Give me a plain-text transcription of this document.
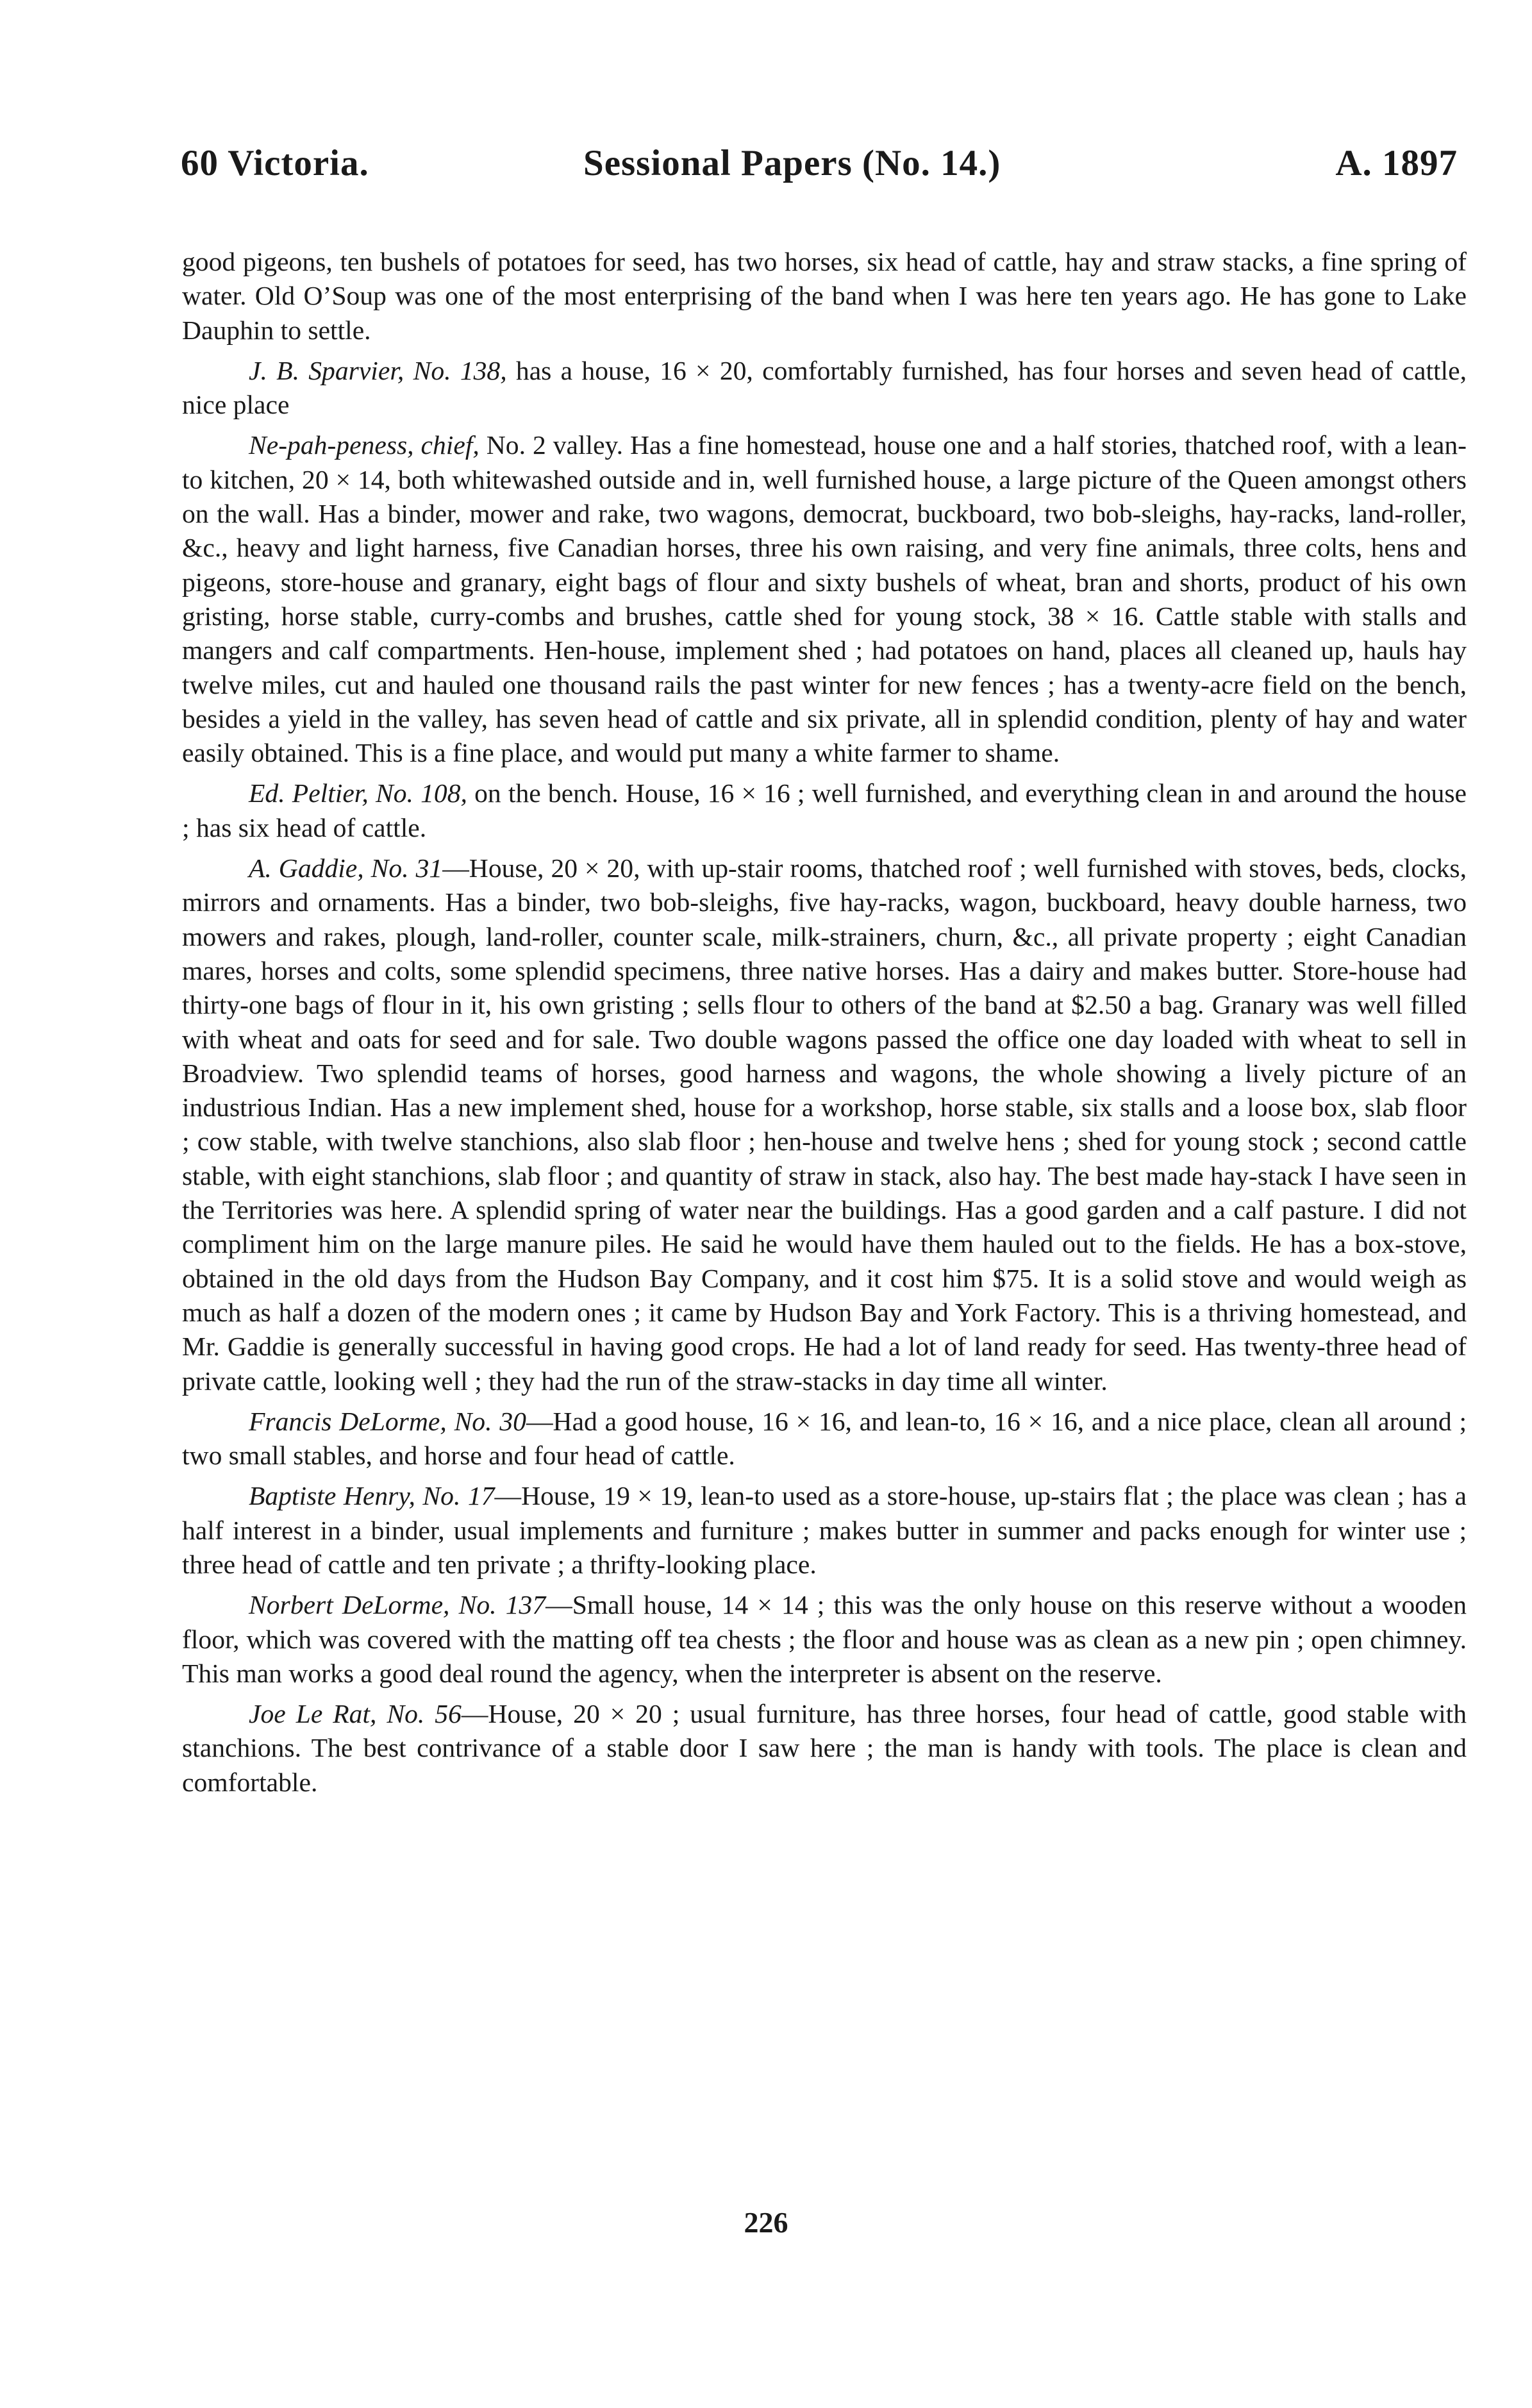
60 Victoria.	Sessional Papers (No. 14.)	A. 1897

good pigeons, ten bushels of potatoes for seed, has two horses, six head of cattle, hay and straw stacks, a fine spring of water. Old O’Soup was one of the most enterprising of the band when I was here ten years ago. He has gone to Lake Dauphin to settle.

J. B. Sparvier, No. 138, has a house, 16 × 20, comfortably furnished, has four horses and seven head of cattle, nice place

Ne-pah-peness, chief, No. 2 valley. Has a fine homestead, house one and a half stories, thatched roof, with a lean-to kitchen, 20 × 14, both whitewashed outside and in, well furnished house, a large picture of the Queen amongst others on the wall. Has a binder, mower and rake, two wagons, democrat, buckboard, two bob-sleighs, hay-racks, land-roller, &c., heavy and light harness, five Canadian horses, three his own raising, and very fine animals, three colts, hens and pigeons, store-house and granary, eight bags of flour and sixty bushels of wheat, bran and shorts, product of his own gristing, horse stable, curry-combs and brushes, cattle shed for young stock, 38 × 16. Cattle stable with stalls and mangers and calf compartments. Hen-house, implement shed ; had potatoes on hand, places all cleaned up, hauls hay twelve miles, cut and hauled one thousand rails the past winter for new fences ; has a twenty-acre field on the bench, besides a yield in the valley, has seven head of cattle and six private, all in splendid condition, plenty of hay and water easily obtained. This is a fine place, and would put many a white farmer to shame.

Ed. Peltier, No. 108, on the bench. House, 16 × 16 ; well furnished, and everything clean in and around the house ; has six head of cattle.

A. Gaddie, No. 31—House, 20 × 20, with up-stair rooms, thatched roof ; well furnished with stoves, beds, clocks, mirrors and ornaments. Has a binder, two bob-sleighs, five hay-racks, wagon, buckboard, heavy double harness, two mowers and rakes, plough, land-roller, counter scale, milk-strainers, churn, &c., all private property ; eight Canadian mares, horses and colts, some splendid specimens, three native horses. Has a dairy and makes butter. Store-house had thirty-one bags of flour in it, his own gristing ; sells flour to others of the band at $2.50 a bag. Granary was well filled with wheat and oats for seed and for sale. Two double wagons passed the office one day loaded with wheat to sell in Broadview. Two splendid teams of horses, good harness and wagons, the whole showing a lively picture of an industrious Indian. Has a new implement shed, house for a workshop, horse stable, six stalls and a loose box, slab floor ; cow stable, with twelve stanchions, also slab floor ; hen-house and twelve hens ; shed for young stock ; second cattle stable, with eight stanchions, slab floor ; and quantity of straw in stack, also hay. The best made hay-stack I have seen in the Territories was here. A splendid spring of water near the buildings. Has a good garden and a calf pasture. I did not compliment him on the large manure piles. He said he would have them hauled out to the fields. He has a box-stove, obtained in the old days from the Hudson Bay Company, and it cost him $75. It is a solid stove and would weigh as much as half a dozen of the modern ones ; it came by Hudson Bay and York Factory. This is a thriving homestead, and Mr. Gaddie is generally successful in having good crops. He had a lot of land ready for seed. Has twenty-three head of private cattle, looking well ; they had the run of the straw-stacks in day time all winter.

Francis DeLorme, No. 30—Had a good house, 16 × 16, and lean-to, 16 × 16, and a nice place, clean all around ; two small stables, and horse and four head of cattle.

Baptiste Henry, No. 17—House, 19 × 19, lean-to used as a store-house, up-stairs flat ; the place was clean ; has a half interest in a binder, usual implements and furniture ; makes butter in summer and packs enough for winter use ; three head of cattle and ten private ; a thrifty-looking place.

Norbert DeLorme, No. 137—Small house, 14 × 14 ; this was the only house on this reserve without a wooden floor, which was covered with the matting off tea chests ; the floor and house was as clean as a new pin ; open chimney. This man works a good deal round the agency, when the interpreter is absent on the reserve.

Joe Le Rat, No. 56—House, 20 × 20 ; usual furniture, has three horses, four head of cattle, good stable with stanchions. The best contrivance of a stable door I saw here ; the man is handy with tools. The place is clean and comfortable.

226
